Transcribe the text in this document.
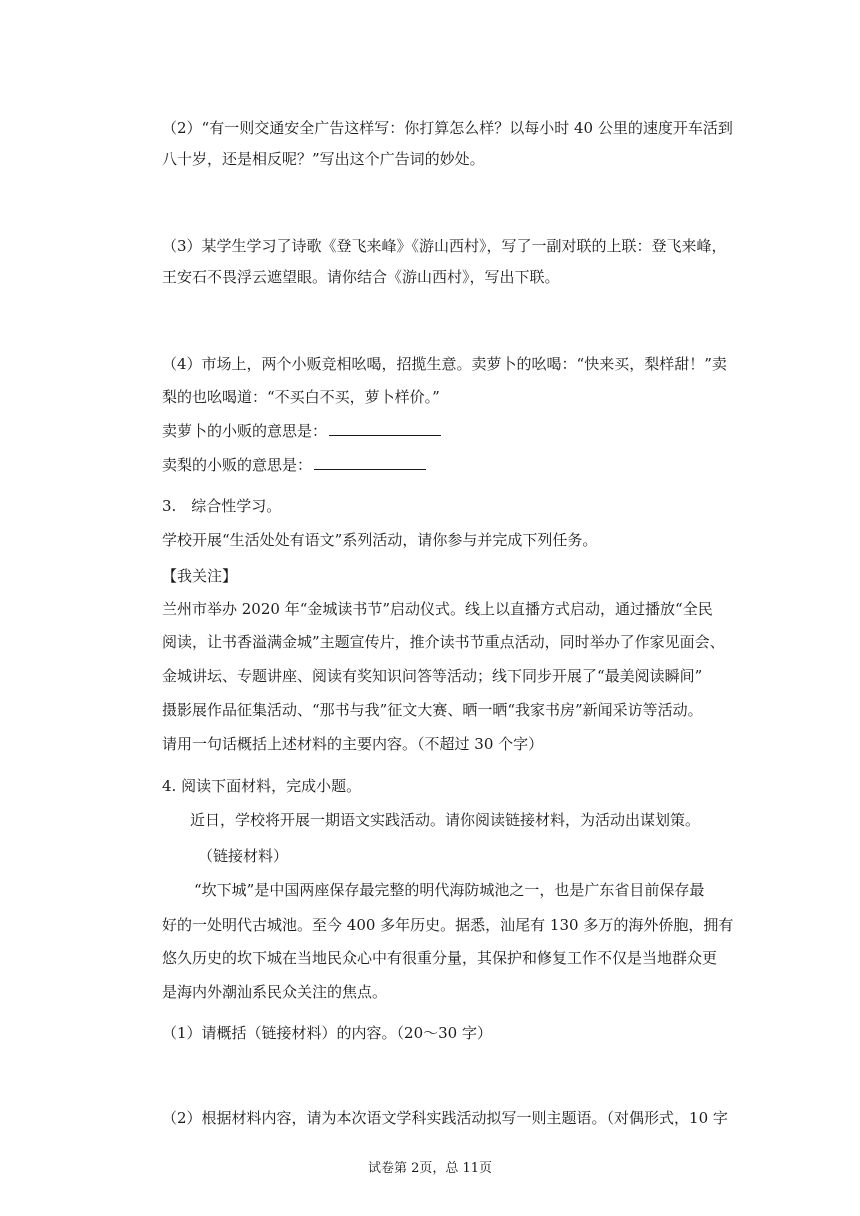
（2）“有一则交通安全广告这样写：你打算怎么样？以每小时 40 公里的速度开车活到
八十岁，还是相反呢？”写出这个广告词的妙处。
（3）某学生学习了诗歌《登飞来峰》《游山西村》，写了一副对联的上联：登飞来峰，
王安石不畏浮云遮望眼。请你结合《游山西村》，写出下联。
（4）市场上，两个小贩竞相吆喝，招揽生意。卖萝卜的吆喝：“快来买，梨样甜！”卖
梨的也吆喝道：“不买白不买，萝卜样价。”
卖萝卜的小贩的意思是：
卖梨的小贩的意思是：
3.　综合性学习。
学校开展“生活处处有语文”系列活动，请你参与并完成下列任务。
【我关注】
兰州市举办 2020 年“金城读书节”启动仪式。线上以直播方式启动，通过播放“全民
阅读，让书香溢满金城”主题宣传片，推介读书节重点活动，同时举办了作家见面会、
金城讲坛、专题讲座、阅读有奖知识问答等活动；线下同步开展了“最美阅读瞬间”
摄影展作品征集活动、“那书与我”征文大赛、晒一晒“我家书房”新闻采访等活动。
请用一句话概括上述材料的主要内容。（不超过 30 个字）
4. 阅读下面材料，完成小题。
近日，学校将开展一期语文实践活动。请你阅读链接材料，为活动出谋划策。
（链接材料）
“坎下城”是中国两座保存最完整的明代海防城池之一，也是广东省目前保存最
好的一处明代古城池。至今 400 多年历史。据悉，汕尾有 130 多万的海外侨胞，拥有
悠久历史的坎下城在当地民众心中有很重分量，其保护和修复工作不仅是当地群众更
是海内外潮汕系民众关注的焦点。
（1）请概括（链接材料）的内容。（20～30 字）
（2）根据材料内容，请为本次语文学科实践活动拟写一则主题语。（对偶形式，10 字
试卷第 2页，总 11页
